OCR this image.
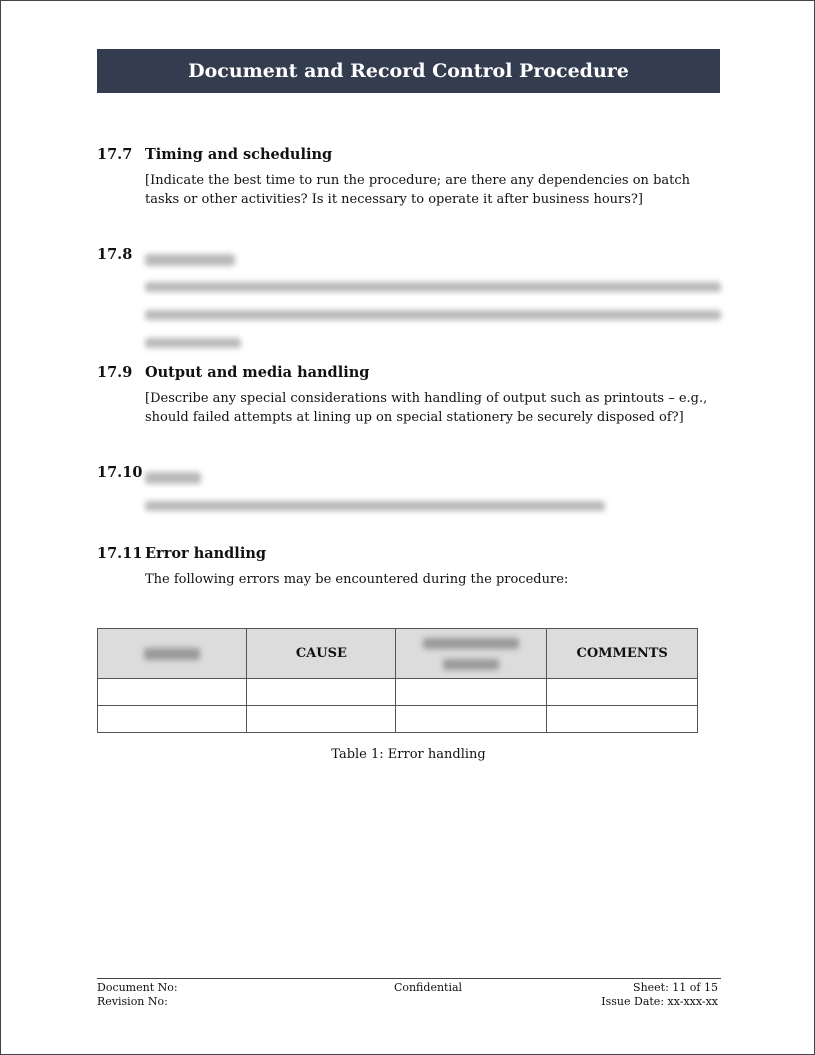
Document and Record Control Procedure
17.7 Timing and scheduling
[Indicate the best time to run the procedure; are there any dependencies on batch tasks or other activities? Is it necessary to operate it after business hours?]
17.8
17.9 Output and media handling
[Describe any special considerations with handling of output such as printouts – e.g., should failed attempts at lining up on special stationery be securely disposed of?]
17.10
17.11 Error handling
The following errors may be encountered during the procedure:
	CAUSE		COMMENTS

Table 1: Error handling
Document No:
Revision No:
Confidential	Sheet: 11 of 15
Issue Date: xx-xxx-xx
